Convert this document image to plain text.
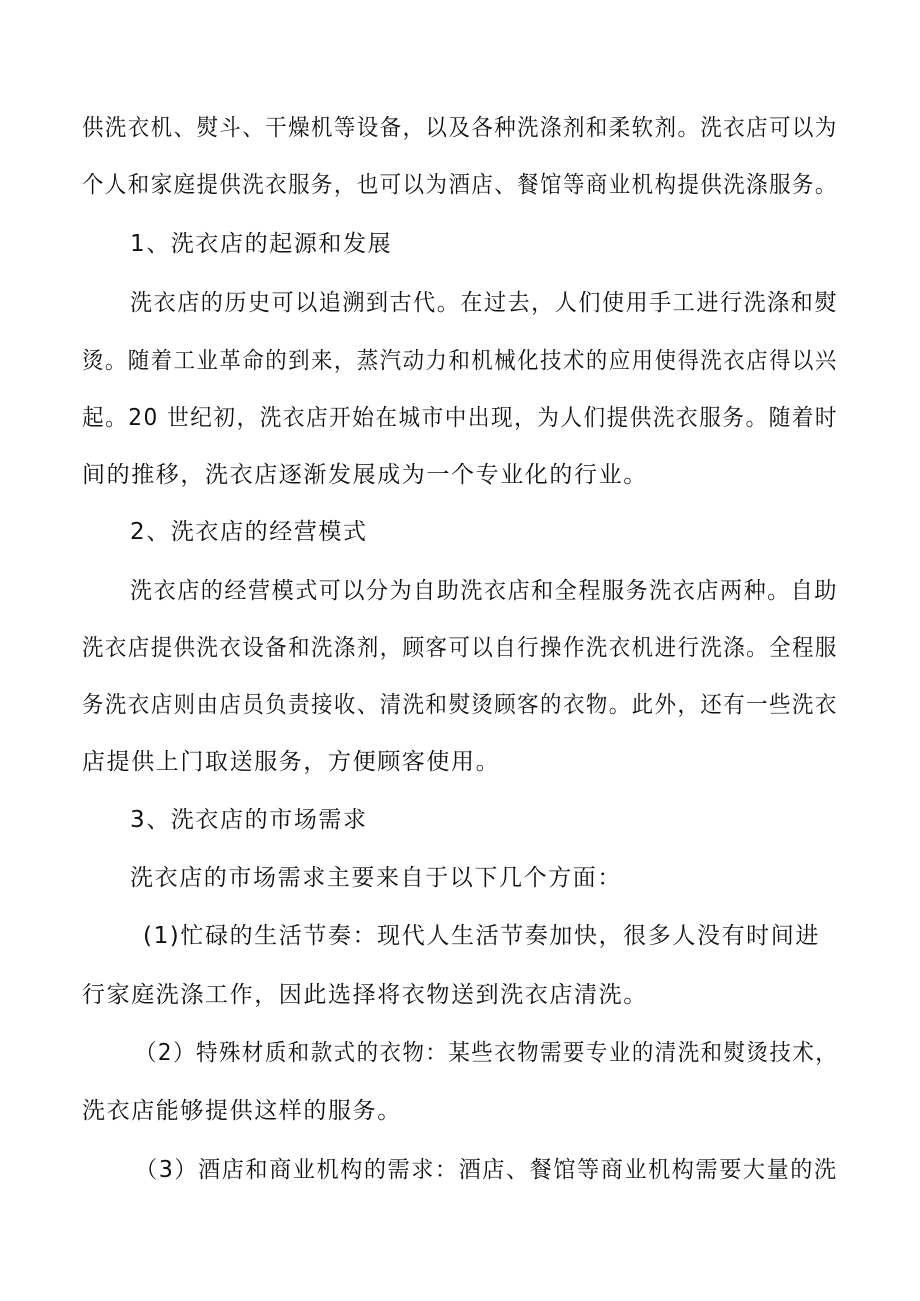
供洗衣机、熨斗、干燥机等设备，以及各种洗涤剂和柔软剂。洗衣店可以为
个人和家庭提供洗衣服务，也可以为酒店、餐馆等商业机构提供洗涤服务。
1、洗衣店的起源和发展
洗衣店的历史可以追溯到古代。在过去，人们使用手工进行洗涤和熨
烫。随着工业革命的到来，蒸汽动力和机械化技术的应用使得洗衣店得以兴
起。20 世纪初，洗衣店开始在城市中出现，为人们提供洗衣服务。随着时
间的推移，洗衣店逐渐发展成为一个专业化的行业。
2、洗衣店的经营模式
洗衣店的经营模式可以分为自助洗衣店和全程服务洗衣店两种。自助
洗衣店提供洗衣设备和洗涤剂，顾客可以自行操作洗衣机进行洗涤。全程服
务洗衣店则由店员负责接收、清洗和熨烫顾客的衣物。此外，还有一些洗衣
店提供上门取送服务，方便顾客使用。
3、洗衣店的市场需求
洗衣店的市场需求主要来自于以下几个方面：
(1)忙碌的生活节奏：现代人生活节奏加快，很多人没有时间进
行家庭洗涤工作，因此选择将衣物送到洗衣店清洗。
（2）特殊材质和款式的衣物：某些衣物需要专业的清洗和熨烫技术，
洗衣店能够提供这样的服务。
（3）酒店和商业机构的需求：酒店、餐馆等商业机构需要大量的洗
